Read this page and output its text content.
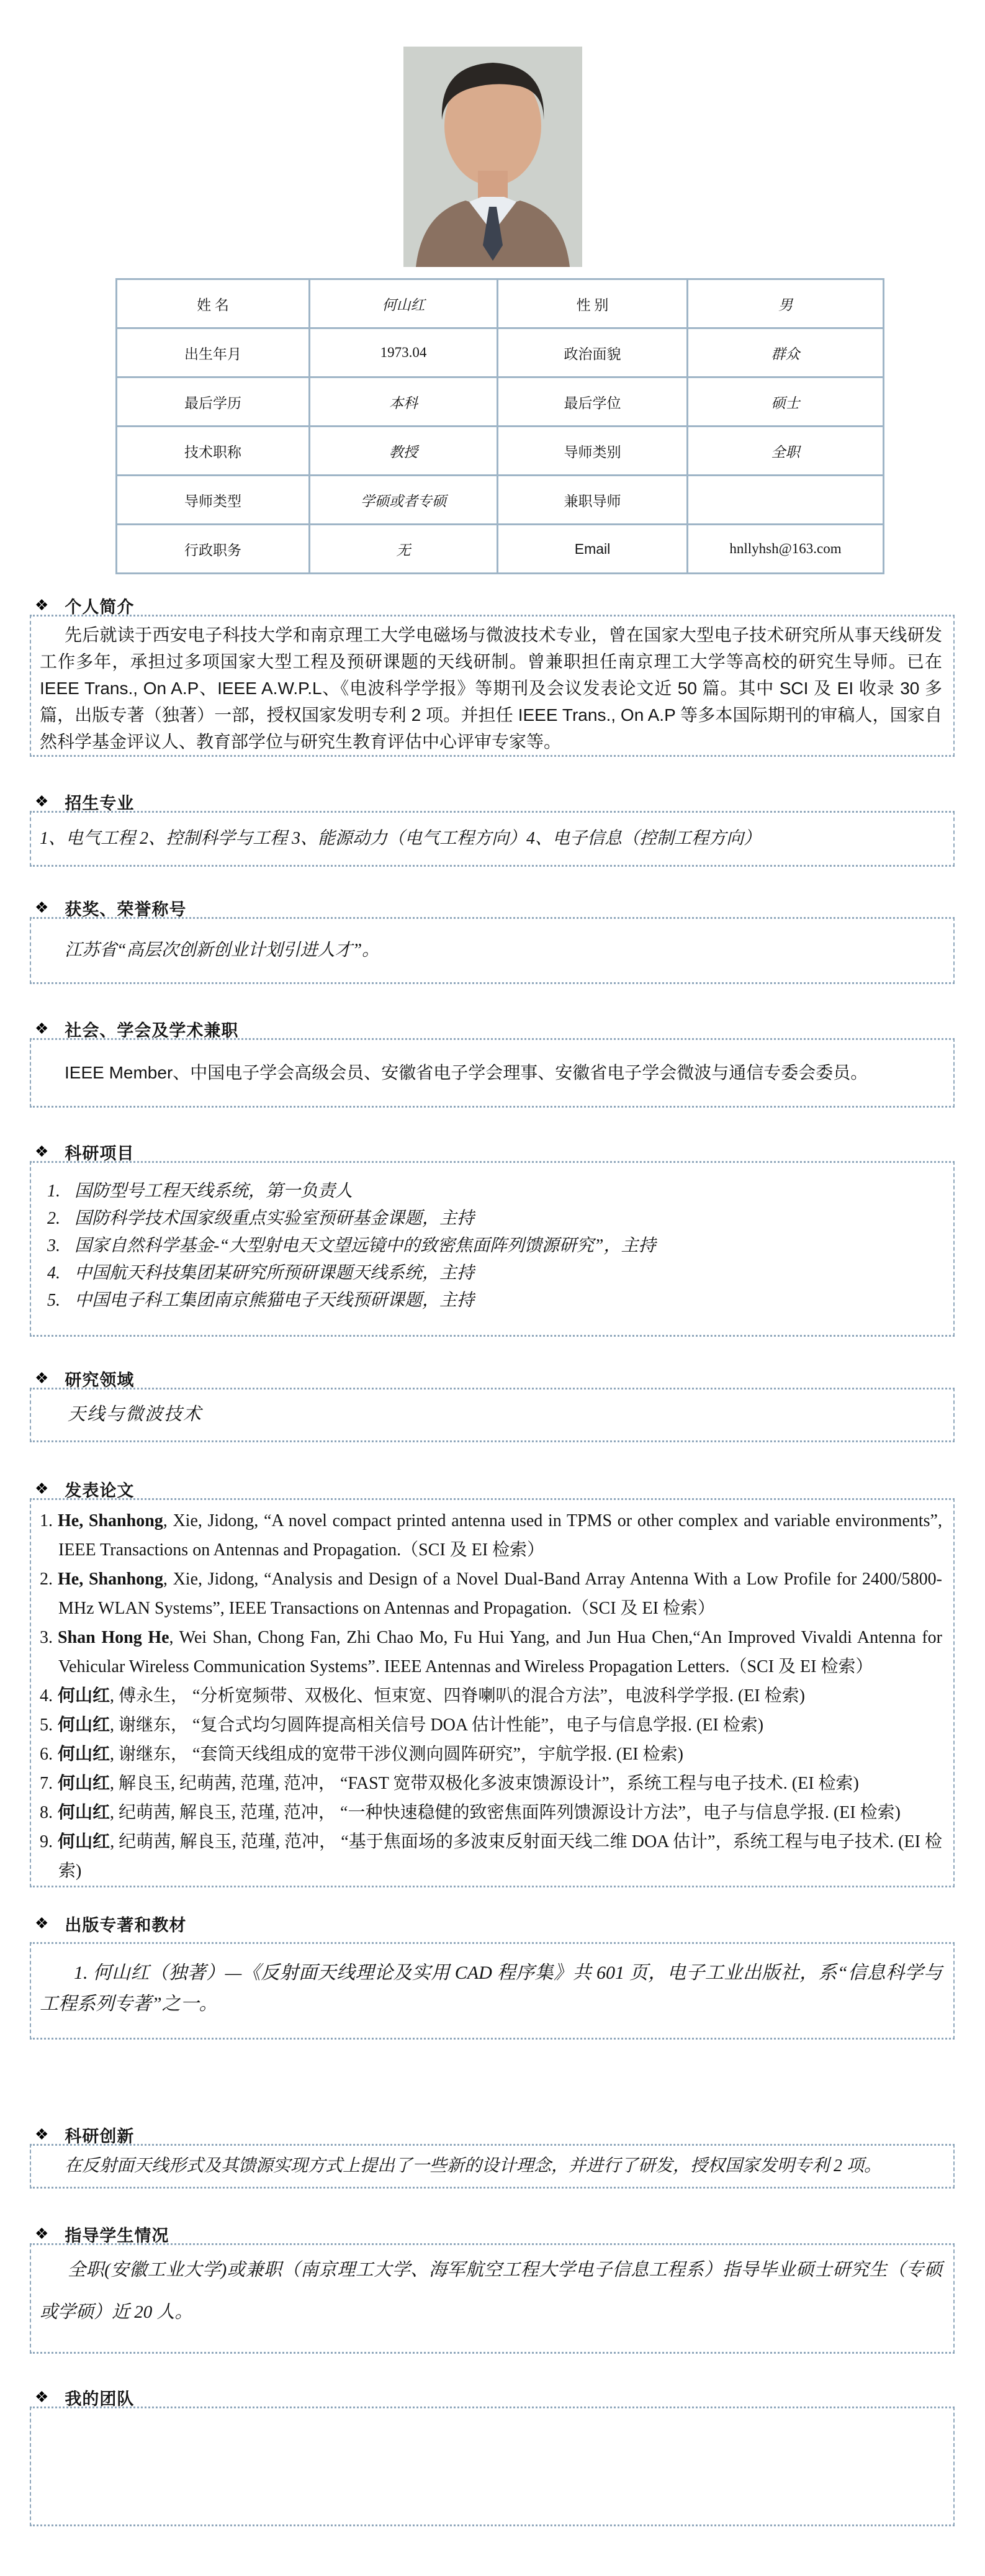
姓 名	何山红	性 别	男
出生年月	1973.04	政治面貌	群众
最后学历	本科	最后学位	硕士
技术职称	教授	导师类别	全职
导师类型	学硕或者专硕	兼职导师	
行政职务	无	Email	hnllyhsh@163.com
❖ 个人简介

先后就读于西安电子科技大学和南京理工大学电磁场与微波技术专业，曾在国家大型电子技术研究所从事天线研发工作多年，承担过多项国家大型工程及预研课题的天线研制。曾兼职担任南京理工大学等高校的研究生导师。已在 IEEE Trans., On A.P、IEEE A.W.P.L、《电波科学学报》等期刊及会议发表论文近 50 篇。其中 SCI 及 EI 收录 30 多篇，出版专著（独著）一部，授权国家发明专利 2 项。并担任 IEEE Trans., On A.P 等多本国际期刊的审稿人，国家自然科学基金评议人、教育部学位与研究生教育评估中心评审专家等。

❖ 招生专业

1、电气工程 2、控制科学与工程 3、能源动力（电气工程方向）4、电子信息（控制工程方向）

❖ 获奖、荣誉称号

江苏省“高层次创新创业计划引进人才”。

❖ 社会、学会及学术兼职

IEEE Member、中国电子学会高级会员、安徽省电子学会理事、安徽省电子学会微波与通信专委会委员。

❖ 科研项目
1. 国防型号工程天线系统，第一负责人
2. 国防科学技术国家级重点实验室预研基金课题，主持
3. 国家自然科学基金-“大型射电天文望远镜中的致密焦面阵列馈源研究”，主持
4. 中国航天科技集团某研究所预研课题天线系统，主持
5. 中国电子科工集团南京熊猫电子天线预研课题，主持
❖ 研究领域

天线与微波技术

❖ 发表论文
1. He, Shanhong, Xie, Jidong, “A novel compact printed antenna used in TPMS or other complex and variable environments”, IEEE Transactions on Antennas and Propagation.（SCI 及 EI 检索）
2. He, Shanhong, Xie, Jidong, “Analysis and Design of a Novel Dual-Band Array Antenna With a Low Profile for 2400/5800-MHz WLAN Systems”, IEEE Transactions on Antennas and Propagation.（SCI 及 EI 检索）
3. Shan Hong He, Wei Shan, Chong Fan, Zhi Chao Mo, Fu Hui Yang, and Jun Hua Chen,“An Improved Vivaldi Antenna for Vehicular Wireless Communication Systems”. IEEE Antennas and Wireless Propagation Letters.（SCI 及 EI 检索）
4. 何山红, 傅永生， “分析宽频带、双极化、恒束宽、四脊喇叭的混合方法”，电波科学学报. (EI 检索)
5. 何山红, 谢继东， “复合式均匀圆阵提高相关信号 DOA 估计性能”，电子与信息学报. (EI 检索)
6. 何山红, 谢继东， “套筒天线组成的宽带干涉仪测向圆阵研究”，宇航学报. (EI 检索)
7. 何山红, 解良玉, 纪萌茜, 范瑾, 范冲， “FAST 宽带双极化多波束馈源设计”，系统工程与电子技术. (EI 检索)
8. 何山红, 纪萌茜, 解良玉, 范瑾, 范冲， “一种快速稳健的致密焦面阵列馈源设计方法”，电子与信息学报. (EI 检索)
9. 何山红, 纪萌茜, 解良玉, 范瑾, 范冲， “基于焦面场的多波束反射面天线二维 DOA 估计”，系统工程与电子技术. (EI 检索)
❖ 出版专著和教材

1. 何山红（独著）—《反射面天线理论及实用 CAD 程序集》共 601 页，电子工业出版社，系“信息科学与工程系列专著”之一。

❖ 科研创新

在反射面天线形式及其馈源实现方式上提出了一些新的设计理念，并进行了研发，授权国家发明专利 2 项。

❖ 指导学生情况

全职(安徽工业大学)或兼职（南京理工大学、海军航空工程大学电子信息工程系）指导毕业硕士研究生（专硕或学硕）近 20 人。

❖ 我的团队
